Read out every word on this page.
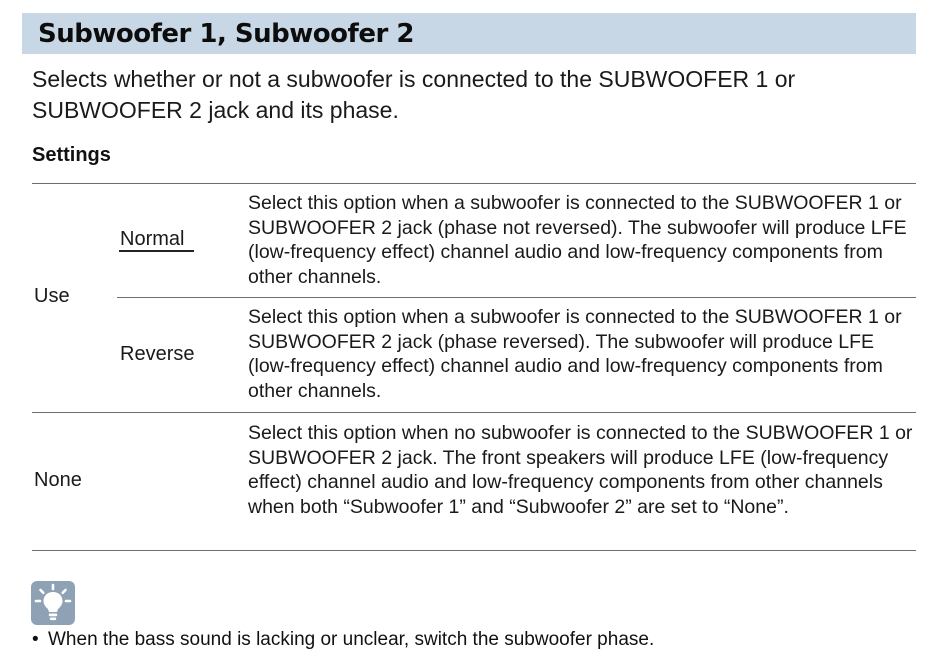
Subwoofer 1, Subwoofer 2
Selects whether or not a subwoofer is connected to the SUBWOOFER 1 or SUBWOOFER 2 jack and its phase.
Settings
Use
Normal
Select this option when a subwoofer is connected to the SUBWOOFER 1 or SUBWOOFER 2 jack (phase not reversed). The subwoofer will produce LFE (low-frequency effect) channel audio and low-frequency components from other channels.
Reverse
Select this option when a subwoofer is connected to the SUBWOOFER 1 or SUBWOOFER 2 jack (phase reversed). The subwoofer will produce LFE (low-frequency effect) channel audio and low-frequency components from other channels.
None
Select this option when no subwoofer is connected to the SUBWOOFER 1 or SUBWOOFER 2 jack. The front speakers will produce LFE (low-frequency effect) channel audio and low-frequency components from other channels when both “Subwoofer 1” and “Subwoofer 2” are set to “None”.
• When the bass sound is lacking or unclear, switch the subwoofer phase.
